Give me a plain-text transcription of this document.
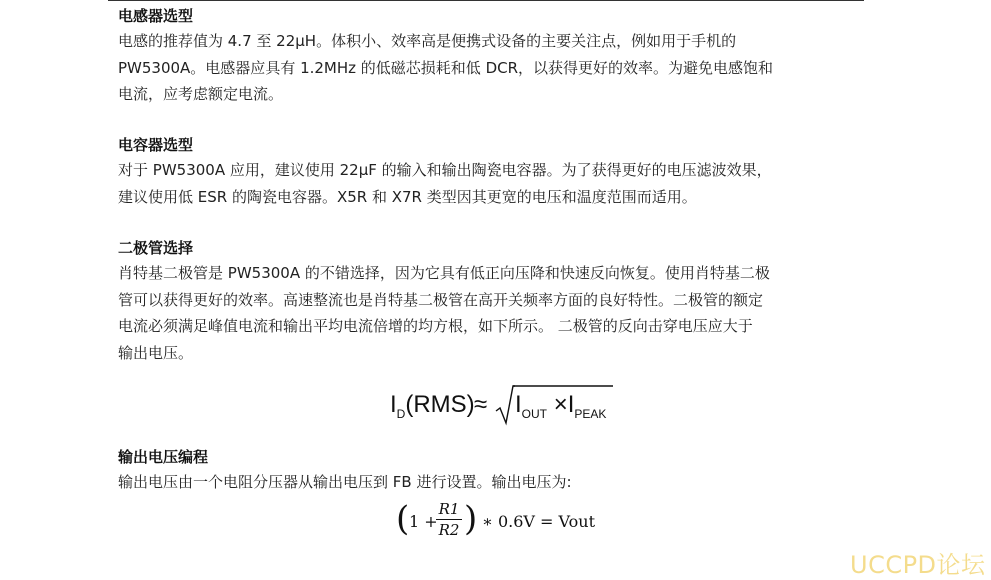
电感器选型
电感的推荐值为 4.7 至 22μH。体积小、效率高是便携式设备的主要关注点，例如用于手机的
PW5300A。电感器应具有 1.2MHz 的低磁芯损耗和低 DCR，以获得更好的效率。为避免电感饱和
电流，应考虑额定电流。
电容器选型
对于 PW5300A 应用，建议使用 22μF 的输入和输出陶瓷电容器。为了获得更好的电压滤波效果，
建议使用低 ESR 的陶瓷电容器。X5R 和 X7R 类型因其更宽的电压和温度范围而适用。
二极管选择
肖特基二极管是 PW5300A 的不错选择，因为它具有低正向压降和快速反向恢复。使用肖特基二极
管可以获得更好的效率。高速整流也是肖特基二极管在高开关频率方面的良好特性。二极管的额定
电流必须满足峰值电流和输出平均电流倍增的均方根，如下所示。 二极管的反向击穿电压应大于
输出电压。
$I_D(RMS) \approx I_{OUT} \times I_{PEAK}$
输出电压编程
输出电压由一个电阻分压器从输出电压到 FB 进行设置。输出电压为:
( 1 +
R1
R2 ) ∗ 0.6V = Vout
UCCPD论坛
